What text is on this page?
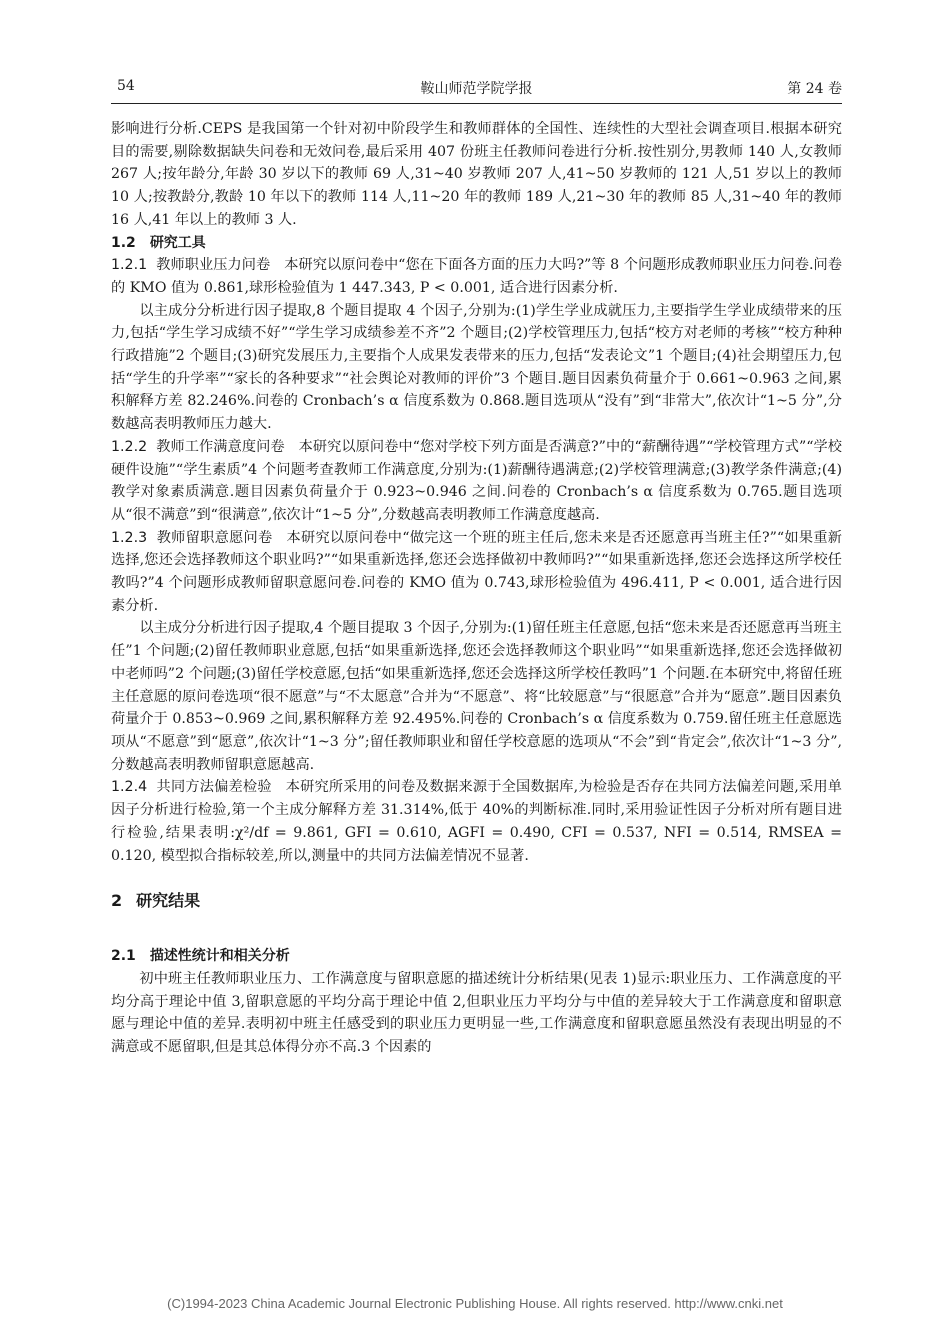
54	鞍山师范学院学报	第 24 卷

影响进行分析.CEPS 是我国第一个针对初中阶段学生和教师群体的全国性、连续性的大型社会调查项目.根据本研究目的需要,剔除数据缺失问卷和无效问卷,最后采用 407 份班主任教师问卷进行分析.按性别分,男教师 140 人,女教师 267 人;按年龄分,年龄 30 岁以下的教师 69 人,31~40 岁教师 207 人,41~50 岁教师的 121 人,51 岁以上的教师 10 人;按教龄分,教龄 10 年以下的教师 114 人,11~20 年的教师 189 人,21~30 年的教师 85 人,31~40 年的教师 16 人,41 年以上的教师 3 人.

1.2 研究工具

1.2.1 教师职业压力问卷 本研究以原问卷中“您在下面各方面的压力大吗?”等 8 个问题形成教师职业压力问卷.问卷的 KMO 值为 0.861,球形检验值为 1 447.343, P < 0.001, 适合进行因素分析.

以主成分分析进行因子提取,8 个题目提取 4 个因子,分别为:(1)学生学业成就压力,主要指学生学业成绩带来的压力,包括“学生学习成绩不好”“学生学习成绩参差不齐”2 个题目;(2)学校管理压力,包括“校方对老师的考核”“校方种种行政措施”2 个题目;(3)研究发展压力,主要指个人成果发表带来的压力,包括“发表论文”1 个题目;(4)社会期望压力,包括“学生的升学率”“家长的各种要求”“社会舆论对教师的评价”3 个题目.题目因素负荷量介于 0.661~0.963 之间,累积解释方差 82.246%.问卷的 Cronbach’s α 信度系数为 0.868.题目选项从“没有”到“非常大”,依次计“1~5 分”,分数越高表明教师压力越大.

1.2.2 教师工作满意度问卷 本研究以原问卷中“您对学校下列方面是否满意?”中的“薪酬待遇”“学校管理方式”“学校硬件设施”“学生素质”4 个问题考查教师工作满意度,分别为:(1)薪酬待遇满意;(2)学校管理满意;(3)教学条件满意;(4)教学对象素质满意.题目因素负荷量介于 0.923~0.946 之间.问卷的 Cronbach’s α 信度系数为 0.765.题目选项从“很不满意”到“很满意”,依次计“1~5 分”,分数越高表明教师工作满意度越高.

1.2.3 教师留职意愿问卷 本研究以原问卷中“做完这一个班的班主任后,您未来是否还愿意再当班主任?”“如果重新选择,您还会选择教师这个职业吗?”“如果重新选择,您还会选择做初中教师吗?”“如果重新选择,您还会选择这所学校任教吗?”4 个问题形成教师留职意愿问卷.问卷的 KMO 值为 0.743,球形检验值为 496.411, P < 0.001, 适合进行因素分析.

以主成分分析进行因子提取,4 个题目提取 3 个因子,分别为:(1)留任班主任意愿,包括“您未来是否还愿意再当班主任”1 个问题;(2)留任教师职业意愿,包括“如果重新选择,您还会选择教师这个职业吗”“如果重新选择,您还会选择做初中老师吗”2 个问题;(3)留任学校意愿,包括“如果重新选择,您还会选择这所学校任教吗”1 个问题.在本研究中,将留任班主任意愿的原问卷选项“很不愿意”与“不太愿意”合并为“不愿意”、将“比较愿意”与“很愿意”合并为“愿意”.题目因素负荷量介于 0.853~0.969 之间,累积解释方差 92.495%.问卷的 Cronbach’s α 信度系数为 0.759.留任班主任意愿选项从“不愿意”到“愿意”,依次计“1~3 分”;留任教师职业和留任学校意愿的选项从“不会”到“肯定会”,依次计“1~3 分”,分数越高表明教师留职意愿越高.

1.2.4 共同方法偏差检验 本研究所采用的问卷及数据来源于全国数据库,为检验是否存在共同方法偏差问题,采用单因子分析进行检验,第一个主成分解释方差 31.314%,低于 40%的判断标准.同时,采用验证性因子分析对所有题目进行检验,结果表明:χ²/df = 9.861, GFI = 0.610, AGFI = 0.490, CFI = 0.537, NFI = 0.514, RMSEA = 0.120, 模型拟合指标较差,所以,测量中的共同方法偏差情况不显著.

2 研究结果
2.1 描述性统计和相关分析

初中班主任教师职业压力、工作满意度与留职意愿的描述统计分析结果(见表 1)显示:职业压力、工作满意度的平均分高于理论中值 3,留职意愿的平均分高于理论中值 2,但职业压力平均分与中值的差异较大于工作满意度和留职意愿与理论中值的差异.表明初中班主任感受到的职业压力更明显一些,工作满意度和留职意愿虽然没有表现出明显的不满意或不愿留职,但是其总体得分亦不高.3 个因素的

(C)1994-2023 China Academic Journal Electronic Publishing House. All rights reserved. http://www.cnki.net
